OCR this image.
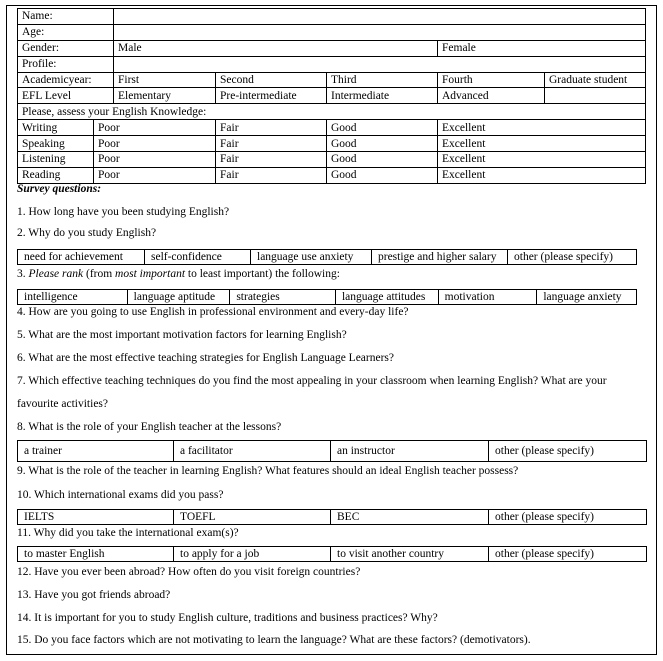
Name:						
Age:						
Gender:		Male			Female	
Profile:						
Academicyear:		First	Second	Third	Fourth	Graduate student
EFL Level		Elementary	Pre-intermediate	Intermediate	Advanced	
Please, assess your English Knowledge:						
Writing	Poor		Fair	Good	Excellent	
Speaking	Poor		Fair	Good	Excellent	
Listening	Poor		Fair	Good	Excellent	
Reading	Poor		Fair	Good	Excellent	
Survey questions:
1. How long have you been studying English?
2. Why do you study English?
need for achievement	self-confidence	language use anxiety	prestige and higher salary	other (please specify)
3. Please rank (from most important to least important) the following:
intelligence	language aptitude	strategies	language attitudes	motivation	language anxiety
4. How are you going to use English in professional environment and every-day life?
5. What are the most important motivation factors for learning English?
6. What are the most effective teaching strategies for English Language Learners?
7. Which effective teaching techniques do you find the most appealing in your classroom when learning English? What are your
favourite activities?
8. What is the role of your English teacher at the lessons?
a trainer	a facilitator	an instructor	other (please specify)
9. What is the role of the teacher in learning English? What features should an ideal English teacher possess?
10. Which international exams did you pass?
IELTS	TOEFL	BEC	other (please specify)
11. Why did you take the international exam(s)?
to master English	to apply for a job	to visit another country	other (please specify)
12. Have you ever been abroad? How often do you visit foreign countries?
13. Have you got friends abroad?
14. It is important for you to study English culture, traditions and business practices? Why?
15. Do you face factors which are not motivating to learn the language? What are these factors? (demotivators).
